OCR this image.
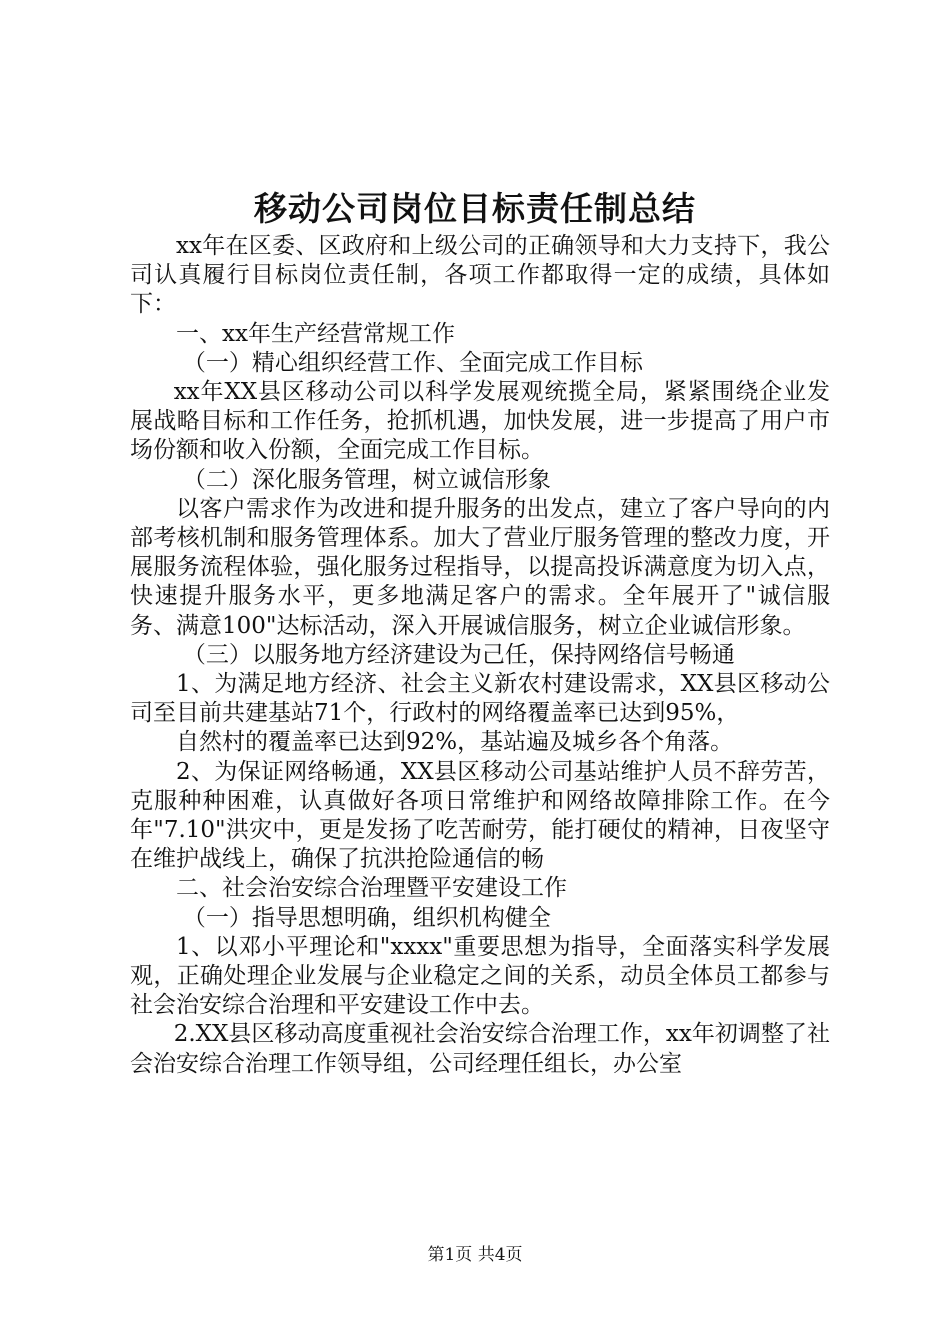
移动公司岗位目标责任制总结

xx年在区委、区政府和上级公司的正确领导和大力支持下，我公司认真履行目标岗位责任制，各项工作都取得一定的成绩，具体如下：

一、xx年生产经营常规工作

（一）精心组织经营工作、全面完成工作目标

xx年XX县区移动公司以科学发展观统揽全局，紧紧围绕企业发展战略目标和工作任务，抢抓机遇，加快发展，进一步提高了用户市场份额和收入份额，全面完成工作目标。

（二）深化服务管理，树立诚信形象

以客户需求作为改进和提升服务的出发点，建立了客户导向的内部考核机制和服务管理体系。加大了营业厅服务管理的整改力度，开展服务流程体验，强化服务过程指导，以提高投诉满意度为切入点，快速提升服务水平，更多地满足客户的需求。全年展开了"诚信服务、满意100"达标活动，深入开展诚信服务，树立企业诚信形象。

（三）以服务地方经济建设为己任，保持网络信号畅通

1、为满足地方经济、社会主义新农村建设需求，XX县区移动公司至目前共建基站71个，行政村的网络覆盖率已达到95%，

自然村的覆盖率已达到92%，基站遍及城乡各个角落。

2、为保证网络畅通，XX县区移动公司基站维护人员不辞劳苦，克服种种困难，认真做好各项日常维护和网络故障排除工作。在今年"7.10"洪灾中，更是发扬了吃苦耐劳，能打硬仗的精神，日夜坚守在维护战线上，确保了抗洪抢险通信的畅

二、社会治安综合治理暨平安建设工作

（一）指导思想明确，组织机构健全

1、以邓小平理论和"xxxx"重要思想为指导，全面落实科学发展观，正确处理企业发展与企业稳定之间的关系，动员全体员工都参与社会治安综合治理和平安建设工作中去。

2.XX县区移动高度重视社会治安综合治理工作，xx年初调整了社会治安综合治理工作领导组，公司经理任组长，办公室

第1页 共4页
